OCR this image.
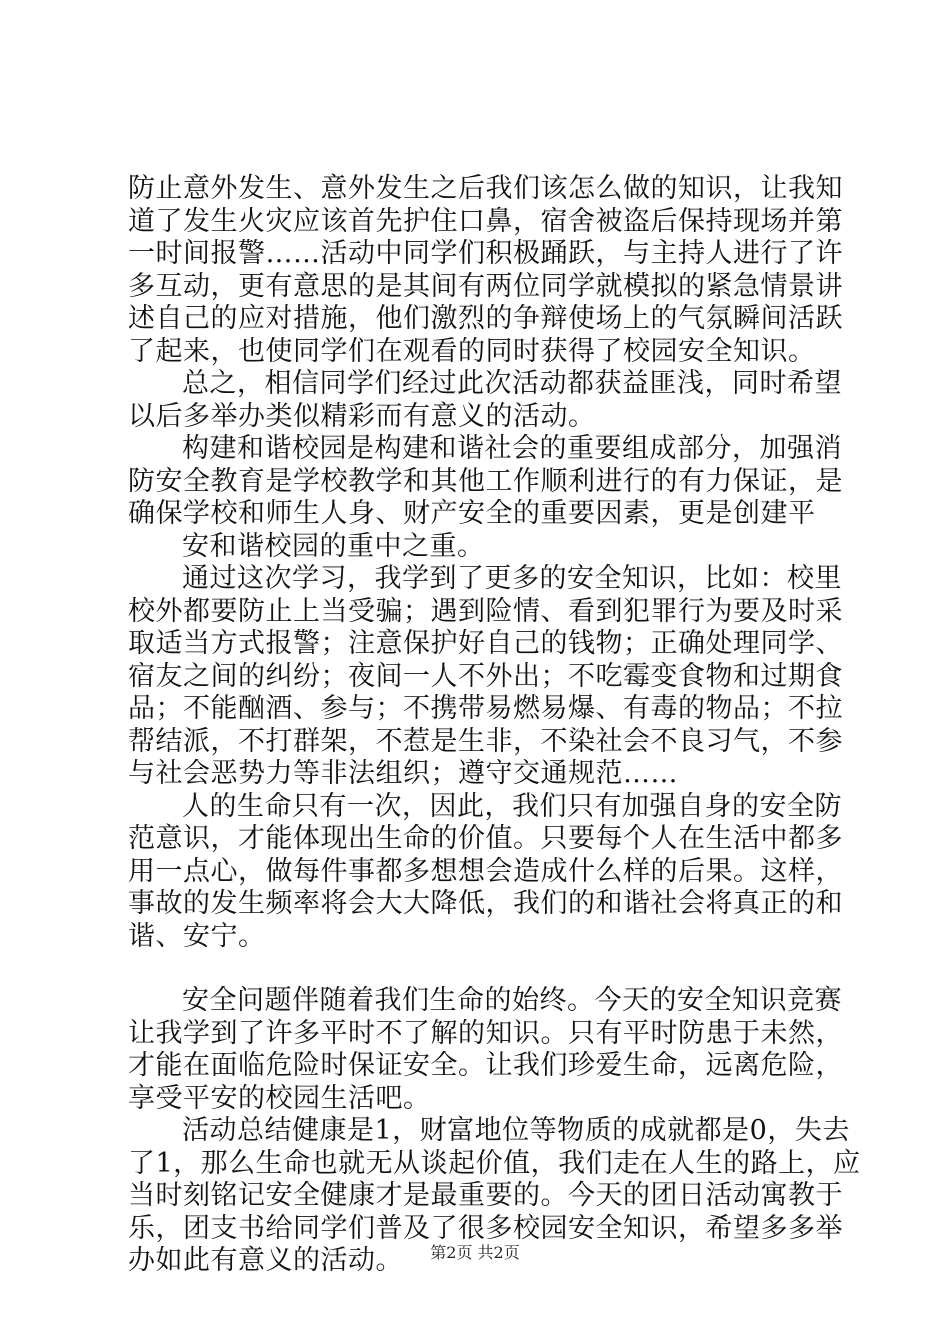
防止意外发生、意外发生之后我们该怎么做的知识，让我知道了发生火灾应该首先护住口鼻，宿舍被盗后保持现场并第一时间报警……活动中同学们积极踊跃，与主持人进行了许多互动，更有意思的是其间有两位同学就模拟的紧急情景讲述自己的应对措施，他们激烈的争辩使场上的气氛瞬间活跃了起来，也使同学们在观看的同时获得了校园安全知识。

总之，相信同学们经过此次活动都获益匪浅，同时希望以后多举办类似精彩而有意义的活动。

构建和谐校园是构建和谐社会的重要组成部分，加强消防安全教育是学校教学和其他工作顺利进行的有力保证，是确保学校和师生人身、财产安全的重要因素，更是创建平

安和谐校园的重中之重。

通过这次学习，我学到了更多的安全知识，比如：校里校外都要防止上当受骗；遇到险情、看到犯罪行为要及时采取适当方式报警；注意保护好自己的钱物；正确处理同学、宿友之间的纠纷；夜间一人不外出；不吃霉变食物和过期食品；不能酗酒、参与；不携带易燃易爆、有毒的物品；不拉帮结派，不打群架，不惹是生非，不染社会不良习气，不参与社会恶势力等非法组织；遵守交通规范……

人的生命只有一次，因此，我们只有加强自身的安全防范意识，才能体现出生命的价值。只要每个人在生活中都多用一点心，做每件事都多想想会造成什么样的后果。这样，事故的发生频率将会大大降低，我们的和谐社会将真正的和谐、安宁。

安全问题伴随着我们生命的始终。今天的安全知识竞赛让我学到了许多平时不了解的知识。只有平时防患于未然，才能在面临危险时保证安全。让我们珍爱生命，远离危险，享受平安的校园生活吧。

活动总结健康是1，财富地位等物质的成就都是0，失去了1，那么生命也就无从谈起价值，我们走在人生的路上，应当时刻铭记安全健康才是最重要的。今天的团日活动寓教于乐，团支书给同学们普及了很多校园安全知识，希望多多举办如此有意义的活动。	第2页 共2页
